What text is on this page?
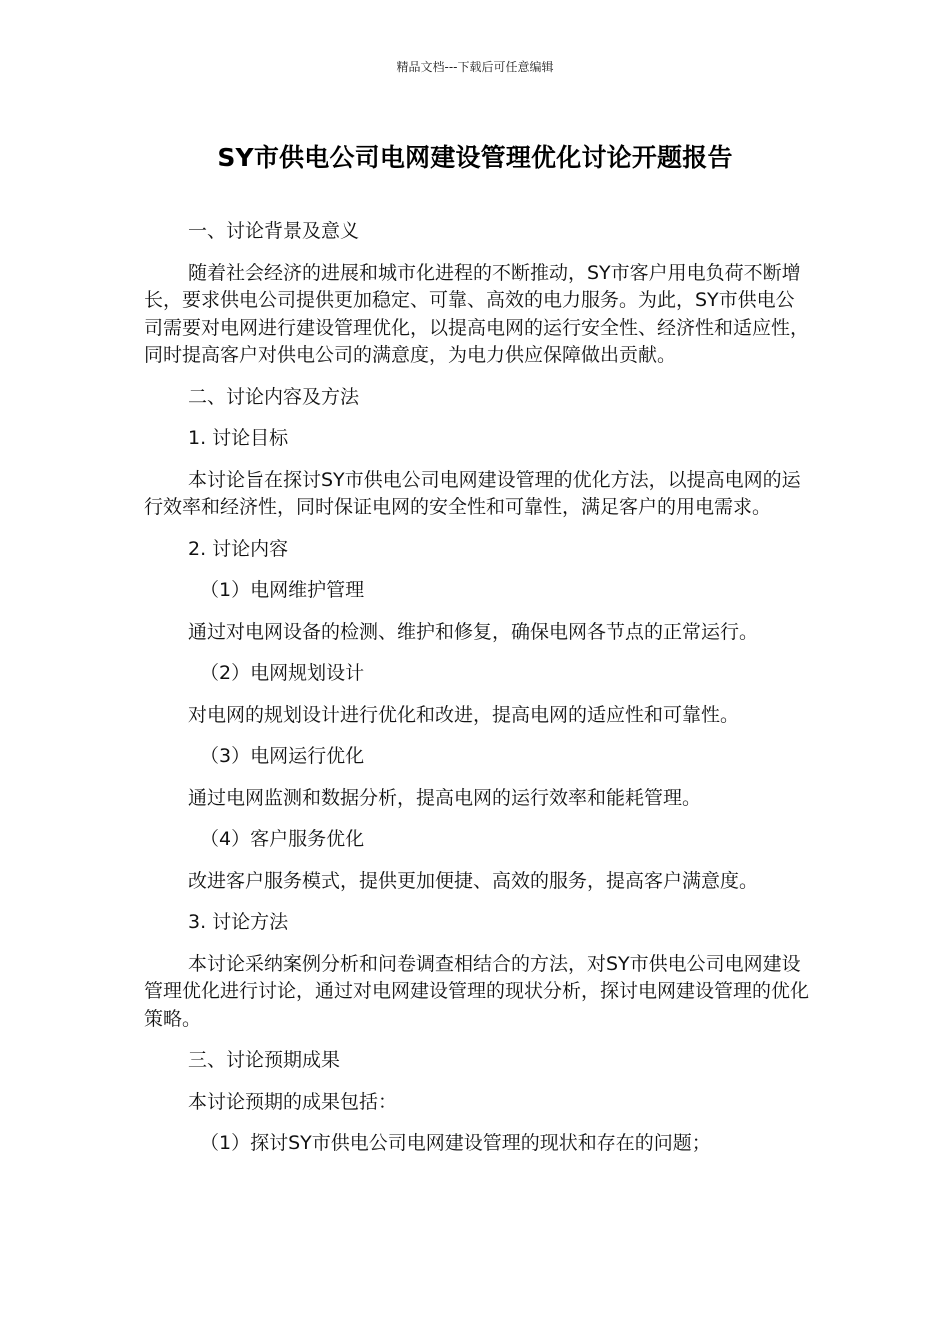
精品文档---下载后可任意编辑
SY市供电公司电网建设管理优化讨论开题报告

一、讨论背景及意义

随着社会经济的进展和城市化进程的不断推动，SY市客户用电负荷不断增长，要求供电公司提供更加稳定、可靠、高效的电力服务。为此，SY市供电公司需要对电网进行建设管理优化，以提高电网的运行安全性、经济性和适应性，同时提高客户对供电公司的满意度，为电力供应保障做出贡献。

二、讨论内容及方法

1. 讨论目标

本讨论旨在探讨SY市供电公司电网建设管理的优化方法，以提高电网的运行效率和经济性，同时保证电网的安全性和可靠性，满足客户的用电需求。

2. 讨论内容

（1）电网维护管理

通过对电网设备的检测、维护和修复，确保电网各节点的正常运行。

（2）电网规划设计

对电网的规划设计进行优化和改进，提高电网的适应性和可靠性。

（3）电网运行优化

通过电网监测和数据分析，提高电网的运行效率和能耗管理。

（4）客户服务优化

改进客户服务模式，提供更加便捷、高效的服务，提高客户满意度。

3. 讨论方法

本讨论采纳案例分析和问卷调查相结合的方法，对SY市供电公司电网建设管理优化进行讨论，通过对电网建设管理的现状分析，探讨电网建设管理的优化策略。

三、讨论预期成果

本讨论预期的成果包括：

（1）探讨SY市供电公司电网建设管理的现状和存在的问题；
